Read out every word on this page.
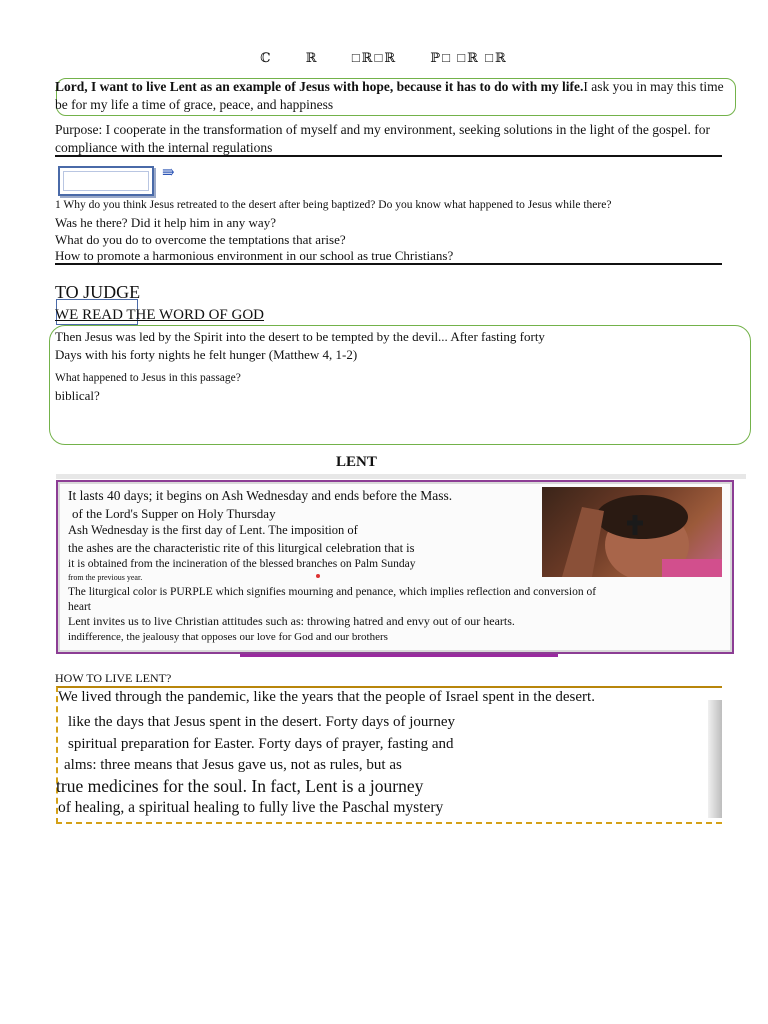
ℂ	ℝ	□ℝ□ℝ	ℙ□ □ℝ □ℝ
Lord, I want to live Lent as an example of Jesus with hope, because it has to do with my life.I ask you in may this time be for my life a time of grace, peace, and happiness
Purpose: I cooperate in the transformation of myself and my environment, seeking solutions in the light of the gospel. for compliance with the internal regulations
⇛
1 Why do you think Jesus retreated to the desert after being baptized? Do you know what happened to Jesus while there?
Was he there? Did it help him in any way?
What do you do to overcome the temptations that arise?
How to promote a harmonious environment in our school as true Christians?
TO JUDGE
WE READ THE WORD OF GOD
Then Jesus was led by the Spirit into the desert to be tempted by the devil... After fasting forty
Days with his forty nights he felt hunger (Matthew 4, 1-2)
What happened to Jesus in this passage?
biblical?
LENT
It lasts 40 days; it begins on Ash Wednesday and ends before the Mass.
of the Lord's Supper on Holy Thursday
Ash Wednesday is the first day of Lent. The imposition of
the ashes are the characteristic rite of this liturgical celebration that is
it is obtained from the incineration of the blessed branches on Palm Sunday
from the previous year.
The liturgical color is PURPLE which signifies mourning and penance, which implies reflection and conversion of
heart
Lent invites us to live Christian attitudes such as: throwing hatred and envy out of our hearts.
indifference, the jealousy that opposes our love for God and our brothers
HOW TO LIVE LENT?
We lived through the pandemic, like the years that the people of Israel spent in the desert.
like the days that Jesus spent in the desert. Forty days of journey
spiritual preparation for Easter. Forty days of prayer, fasting and
alms: three means that Jesus gave us, not as rules, but as
true medicines for the soul. In fact, Lent is a journey
of healing, a spiritual healing to fully live the Paschal mystery
